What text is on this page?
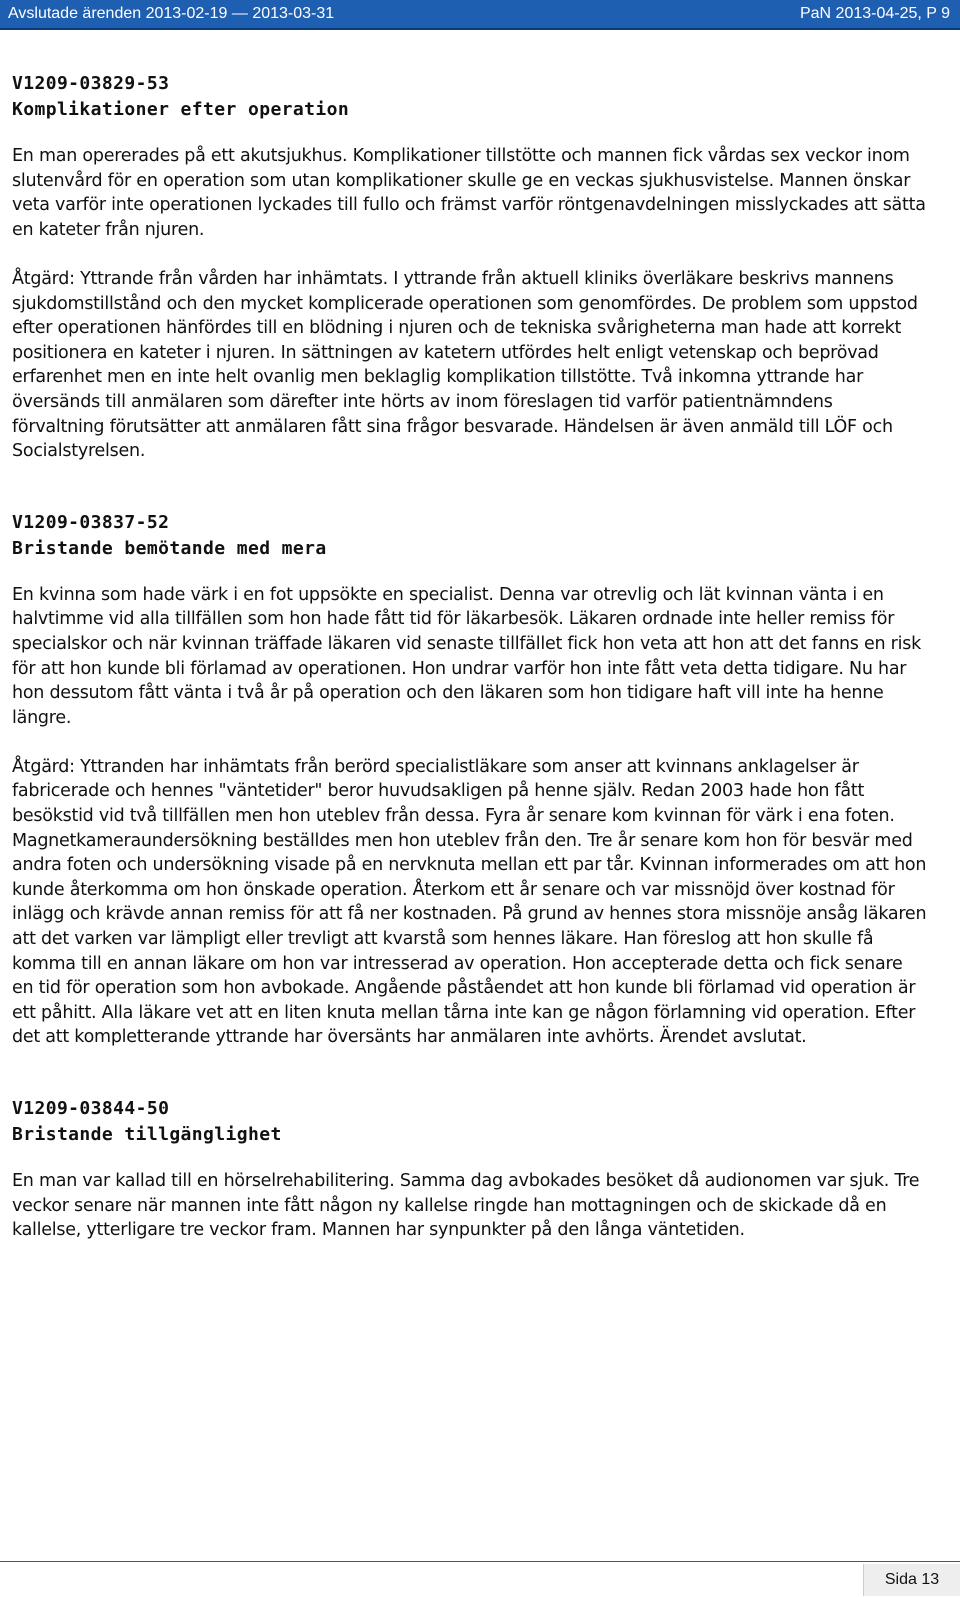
Avslutade ärenden 2013-02-19 — 2013-03-31	PaN 2013-04-25, P 9
V1209-03829-53
Komplikationer efter operation

En man opererades på ett akutsjukhus. Komplikationer tillstötte och mannen fick vårdas sex veckor inom slutenvård för en operation som utan komplikationer skulle ge en veckas sjukhusvistelse. Mannen önskar veta varför inte operationen lyckades till fullo och främst varför röntgenavdelningen misslyckades att sätta en kateter från njuren.

Åtgärd: Yttrande från vården har inhämtats. I yttrande från aktuell kliniks överläkare beskrivs mannens sjukdomstillstånd och den mycket komplicerade operationen som genomfördes. De problem som uppstod efter operationen hänfördes till en blödning i njuren och de tekniska svårigheterna man hade att korrekt positionera en kateter i njuren. In sättningen av katetern utfördes helt enligt vetenskap och beprövad erfarenhet men en inte helt ovanlig men beklaglig komplikation tillstötte. Två inkomna yttrande har översänds till anmälaren som därefter inte hörts av inom föreslagen tid varför patientnämndens förvaltning förutsätter att anmälaren fått sina frågor besvarade. Händelsen är även anmäld till LÖF och Socialstyrelsen.

V1209-03837-52
Bristande bemötande med mera

En kvinna som hade värk i en fot uppsökte en specialist. Denna var otrevlig och lät kvinnan vänta i en halvtimme vid alla tillfällen som hon hade fått tid för läkarbesök. Läkaren ordnade inte heller remiss för specialskor och när kvinnan träffade läkaren vid senaste tillfället fick hon veta att hon att det fanns en risk för att hon kunde bli förlamad av operationen. Hon undrar varför hon inte fått veta detta tidigare. Nu har hon dessutom fått vänta i två år på operation och den läkaren som hon tidigare haft vill inte ha henne längre.

Åtgärd: Yttranden har inhämtats från berörd specialistläkare som anser att kvinnans anklagelser är fabricerade och hennes "väntetider" beror huvudsakligen på henne själv. Redan 2003 hade hon fått besökstid vid två tillfällen men hon uteblev från dessa. Fyra år senare kom kvinnan för värk i ena foten. Magnetkameraundersökning beställdes men hon uteblev från den. Tre år senare kom hon för besvär med andra foten och undersökning visade på en nervknuta mellan ett par tår. Kvinnan informerades om att hon kunde återkomma om hon önskade operation. Återkom ett år senare och var missnöjd över kostnad för inlägg och krävde annan remiss för att få ner kostnaden. På grund av hennes stora missnöje ansåg läkaren att det varken var lämpligt eller trevligt att kvarstå som hennes läkare. Han föreslog att hon skulle få komma till en annan läkare om hon var intresserad av operation. Hon accepterade detta och fick senare en tid för operation som hon avbokade. Angående påståendet att hon kunde bli förlamad vid operation är ett påhitt. Alla läkare vet att en liten knuta mellan tårna inte kan ge någon förlamning vid operation. Efter det att kompletterande yttrande har översänts har anmälaren inte avhörts. Ärendet avslutat.

V1209-03844-50
Bristande tillgänglighet

En man var kallad till en hörselrehabilitering. Samma dag avbokades besöket då audionomen var sjuk. Tre veckor senare när mannen inte fått någon ny kallelse ringde han mottagningen och de skickade då en kallelse, ytterligare tre veckor fram. Mannen har synpunkter på den långa väntetiden.

Sida 13
